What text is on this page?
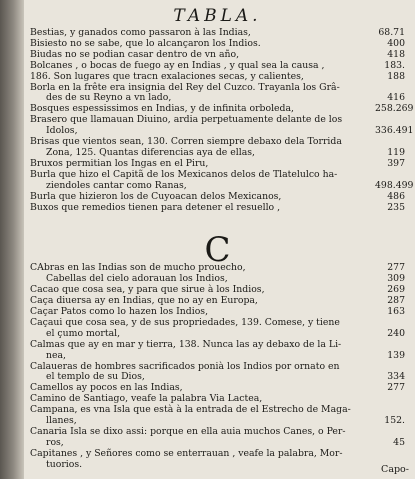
TABLA.
Bestias, y ganados como passaron à las Indias,	68.71
Bisiesto no se sabe, que lo alcançaron los Indios.	400
Biudas no se podian casar dentro de vn año,	418
Bolcanes , o bocas de fuego ay en Indias , y qual sea la causa ,	183.
186. Son lugares que tracn exalaciones secas, y calientes,	188
Borla en la frête era insignia del Rey del Cuzco. Trayanla los Grâ-
des de su Reyno a vn lado,	416
Bosques espessissimos en Indias, y de infinita orboleda,	258.269
Brasero que llamauan Diuino, ardia perpetuamente delante de los
Idolos,	336.491
Brisas que vientos sean, 130. Corren siempre debaxo dela Torrida
Zona, 125. Quantas diferencias aya de ellas,	119
Bruxos permitian los Ingas en el Piru,	397
Burla que hizo el Capitã de los Mexicanos delos de Tlatelulco ha-
ziendoles cantar como Ranas,	498.499
Burla que hizieron los de Cuyoacan delos Mexicanos,	486
Buxos que remedios tienen para detener el resuello ,	235
C
CAbras en las Indias son de mucho prouecho,	277
Cabellas del cielo adorauan los Indios,	309
Cacao que cosa sea, y para que sirue à los Indios,	269
Caça diuersa ay en Indias, que no ay en Europa,	287
Caçar Patos como lo hazen los Indios,	163
Caçaui que cosa sea, y de sus propriedades, 139. Comese, y tiene
el çumo mortal,	240
Calmas que ay en mar y tierra, 138. Nunca las ay debaxo de la Li-
nea,	139
Calaueras de hombres sacrificados ponià los Indios por ornato en
el templo de su Dios,	334
Camellos ay pocos en las Indias,	277
Camino de Santiago, veafe la palabra Via Lactea,
Campana, es vna Isla que està à la entrada de el Estrecho de Maga-
llanes,	152.
Canaria Isla se dixo assi: porque en ella auia muchos Canes, o Per-
ros,	45
Capitanes , y Señores como se enterrauan , veafe la palabra, Mor-
tuorios.	Capo-
